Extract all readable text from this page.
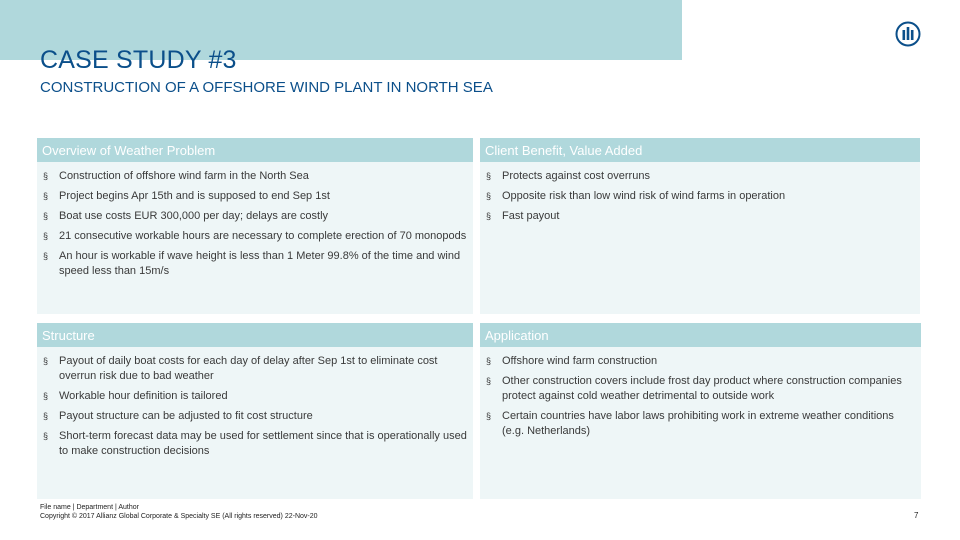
CASE STUDY #3
CONSTRUCTION OF A OFFSHORE WIND PLANT IN NORTH SEA
Overview of Weather Problem
§ Construction of offshore wind farm in the North Sea
§ Project begins Apr 15th and is supposed to end Sep 1st
§ Boat use costs EUR 300,000 per day; delays are costly
§ 21 consecutive workable hours are necessary to complete erection of 70 monopods
§ An hour is workable if wave height is less than 1 Meter 99.8% of the time and wind speed less than 15m/s
Client Benefit, Value Added
§ Protects against cost overruns
§ Opposite risk than low wind risk of wind farms in operation
§ Fast payout
Structure
§ Payout of daily boat costs for each day of delay after Sep 1st to eliminate cost overrun risk due to bad weather
§ Workable hour definition is tailored
§ Payout structure can be adjusted to fit cost structure
§ Short-term forecast data may be used for settlement since that is operationally used to make construction decisions
Application
§ Offshore wind farm construction
§ Other construction covers include frost day product where construction companies protect against cold weather detrimental to outside work
§ Certain countries have labor laws prohibiting work in extreme weather conditions (e.g. Netherlands)
File name | Department | Author
Copyright © 2017 Allianz Global Corporate & Specialty SE (All rights reserved) 22-Nov-20	7
